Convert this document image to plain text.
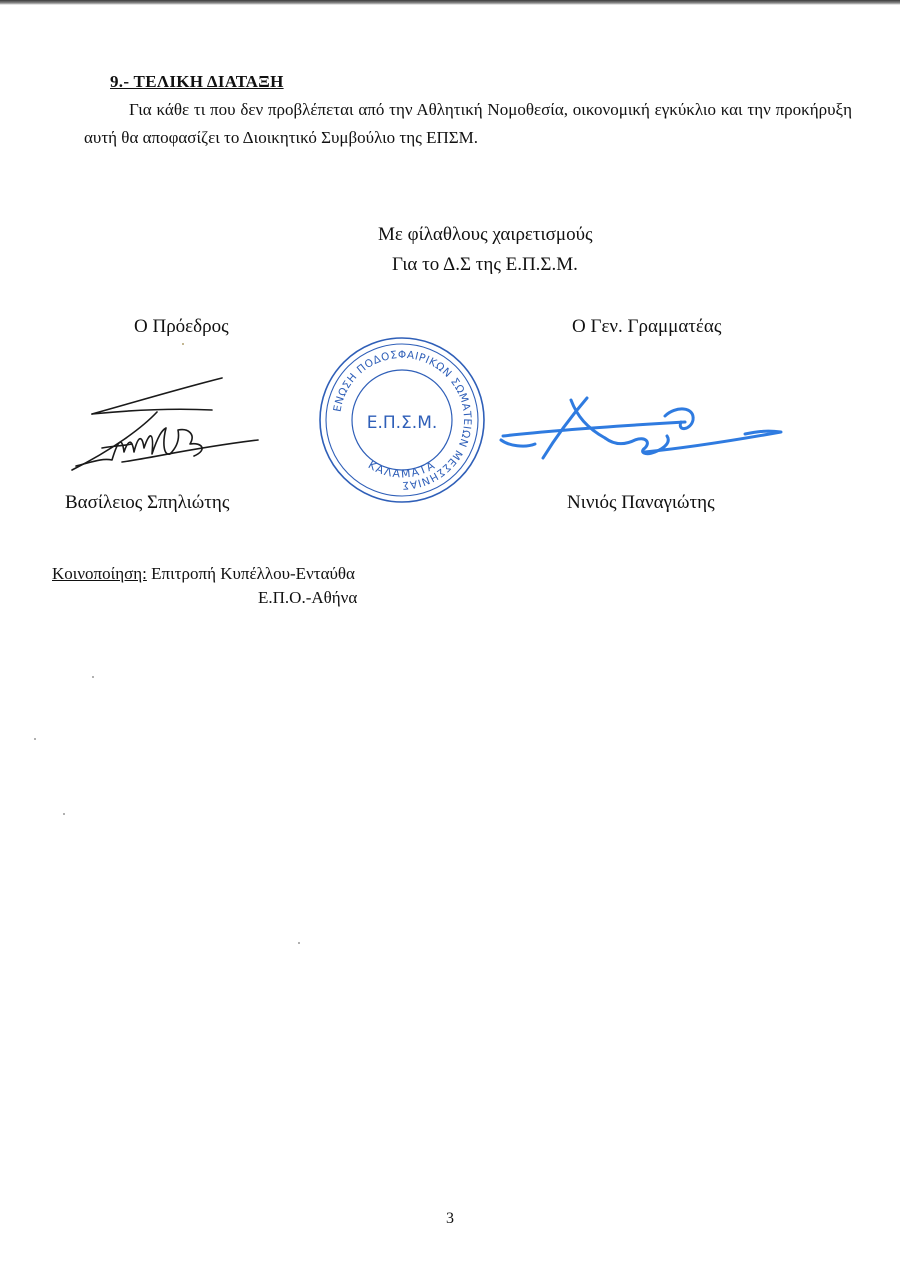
9.- ΤΕΛΙΚΗ ΔΙΑΤΑΞΗ
Για κάθε τι που δεν προβλέπεται από την Αθλητική Νομοθεσία, οικονομική εγκύκλιο και την προκήρυξη αυτή θα αποφασίζει το Διοικητικό Συμβούλιο της ΕΠΣΜ.
Με φίλαθλους χαιρετισμούς
Για το Δ.Σ της Ε.Π.Σ.Μ.
Ο Πρόεδρος	Ο Γεν. Γραμματέας
ΕΝΩΣΗ ΠΟΔΟΣΦΑΙΡΙΚΩΝ ΣΩΜΑΤΕΙΩΝ ΜΕΣΣΗΝΙΑΣ
ΚΑΛΑΜΑΤΑ
Ε.Π.Σ.Μ.
Βασίλειος Σπηλιώτης	Νινιός Παναγιώτης
Κοινοποίηση: Επιτροπή Κυπέλλου-Ενταύθα
Ε.Π.Ο.-Αθήνα
3
